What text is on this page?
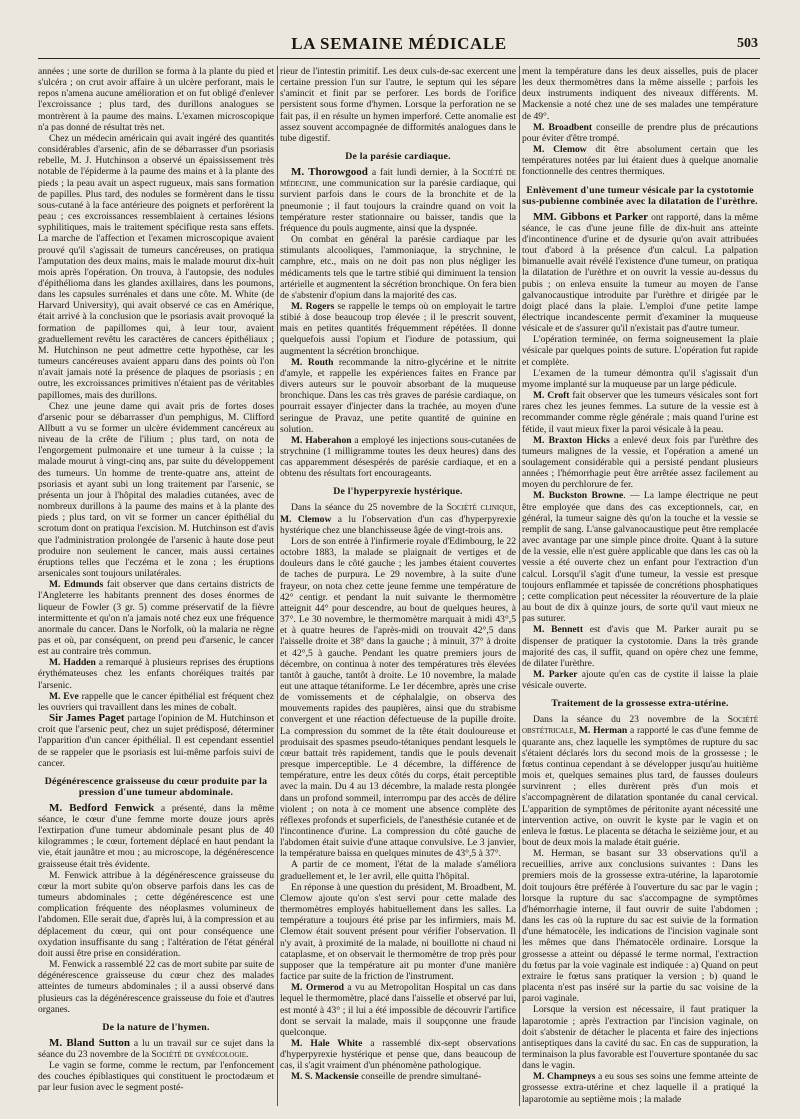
LA SEMAINE MÉDICALE	503

années ; une sorte de durillon se forma à la plante du pied et s'ulcéra ; on crut avoir affaire à un ulcère perforant, mais le repos n'amena aucune amélioration et on fut obligé d'enlever l'excroissance ; plus tard, des durillons analogues se montrèrent à la paume des mains. L'examen microscopique n'a pas donné de résultat très net.

Chez un médecin américain qui avait ingéré des quantités considérables d'arsenic, afin de se débarrasser d'un psoriasis rebelle, M. J. Hutchinson a observé un épaississement très notable de l'épiderme à la paume des mains et à la plante des pieds ; la peau avait un aspect rugueux, mais sans formation de papilles. Plus tard, des nodules se formèrent dans le tissu sous-cutané à la face antérieure des poignets et perforèrent la peau ; ces excroissances ressemblaient à certaines lésions syphilitiques, mais le traitement spécifique resta sans effets. La marche de l'affection et l'examen microscopique avaient prouvé qu'il s'agissait de tumeurs cancéreuses, on pratiqua l'amputation des deux mains, mais le malade mourut dix-huit mois après l'opération. On trouva, à l'autopsie, des nodules d'épithélioma dans les glandes axillaires, dans les poumons, dans les capsules surrénales et dans une côte. M. White (de Harvard University), qui avait observé ce cas en Amérique, était arrivé à la conclusion que le psoriasis avait provoqué la formation de papillomes qui, à leur tour, avaient graduellement revêtu les caractères de cancers épithéliaux ; M. Hutchinson ne peut admettre cette hypothèse, car les tumeurs cancéreuses avaient apparu dans des points où l'on n'avait jamais noté la présence de plaques de psoriasis ; en outre, les excroissances primitives n'étaient pas de véritables papillomes, mais des durillons.

Chez une jeune dame qui avait pris de fortes doses d'arsenic pour se débarrasser d'un pemphigus, M. Clifford Allbutt a vu se former un ulcère évidemment cancéreux au niveau de la crête de l'ilium ; plus tard, on nota de l'engorgement pulmonaire et une tumeur à la cuisse ; la malade mourut à vingt-cinq ans, par suite du développement des tumeurs. Un homme de trente-quatre ans, atteint de psoriasis et ayant subi un long traitement par l'arsenic, se présenta un jour à l'hôpital des maladies cutanées, avec de nombreux durillons à la paume des mains et à la plante des pieds ; plus tard, on vit se former un cancer épithélial du scrotum dont on pratiqua l'excision. M. Hutchinson est d'avis que l'administration prolongée de l'arsenic à haute dose peut produire non seulement le cancer, mais aussi certaines éruptions telles que l'eczéma et le zona ; les éruptions arsenicales sont toujours unilatérales.

M. Edmunds fait observer que dans certains districts de l'Angleterre les habitants prennent des doses énormes de liqueur de Fowler (3 gr. 5) comme préservatif de la fièvre intermittente et qu'on n'a jamais noté chez eux une fréquence anormale du cancer. Dans le Norfolk, où la malaria ne règne pas et où, par conséquent, on prend peu d'arsenic, le cancer est au contraire très commun.

M. Hadden a remarqué à plusieurs reprises des éruptions érythémateuses chez les enfants choréiques traités par l'arsenic.

M. Eve rappelle que le cancer épithélial est fréquent chez les ouvriers qui travaillent dans les mines de cobalt.

Sir James Paget partage l'opinion de M. Hutchinson et croit que l'arsenic peut, chez un sujet prédisposé, déterminer l'apparition d'un cancer épithélial. Il est cependant essentiel de se rappeler que le psoriasis est lui-même parfois suivi de cancer.

Dégénérescence graisseuse du cœur produite par la pression d'une tumeur abdominale.

M. Bedford Fenwick a présenté, dans la même séance, le cœur d'une femme morte douze jours après l'extirpation d'une tumeur abdominale pesant plus de 40 kilogrammes ; le cœur, fortement déplacé en haut pendant la vie, était jaunâtre et mou ; au microscope, la dégénérescence graisseuse était très évidente.

M. Fenwick attribue à la dégénérescence graisseuse du cœur la mort subite qu'on observe parfois dans les cas de tumeurs abdominales ; cette dégénérescence est une complication fréquente des néoplasmes volumineux de l'abdomen. Elle serait due, d'après lui, à la compression et au déplacement du cœur, qui ont pour conséquence une oxydation insuffisante du sang ; l'altération de l'état général doit aussi être prise en considération.

M. Fenwick a rassemblé 22 cas de mort subite par suite de dégénérescence graisseuse du cœur chez des malades atteintes de tumeurs abdominales ; il a aussi observé dans plusieurs cas la dégénérescence graisseuse du foie et d'autres organes.

De la nature de l'hymen.

M. Bland Sutton a lu un travail sur ce sujet dans la séance du 23 novembre de la Société de gynécologie.

Le vagin se forme, comme le rectum, par l'enfoncement des couches épiblastiques qui constituent le proctodæum et par leur fusion avec le segment posté-

rieur de l'intestin primitif. Les deux culs-de-sac exercent une certaine pression l'un sur l'autre, le septum qui les sépare s'amincit et finit par se perforer. Les bords de l'orifice persistent sous forme d'hymen. Lorsque la perforation ne se fait pas, il en résulte un hymen imperforé. Cette anomalie est assez souvent accompagnée de difformités analogues dans le tube digestif.

De la parésie cardiaque.

M. Thorowgood a fait lundi dernier, à la Société de médecine, une communication sur la parésie cardiaque, qui survient parfois dans le cours de la bronchite et de la pneumonie ; il faut toujours la craindre quand on voit la température rester stationnaire ou baisser, tandis que la fréquence du pouls augmente, ainsi que la dyspnée.

On combat en général la parésie cardiaque par les stimulants alcooliques, l'ammoniaque, la strychnine, le camphre, etc., mais on ne doit pas non plus négliger les médicaments tels que le tartre stibié qui diminuent la tension artérielle et augmentent la sécrétion bronchique. On fera bien de s'abstenir d'opium dans la majorité des cas.

M. Rogers se rappelle le temps où on employait le tartre stibié à dose beaucoup trop élevée ; il le prescrit souvent, mais en petites quantités fréquemment répétées. Il donne quelquefois aussi l'opium et l'iodure de potassium, qui augmentent la sécrétion bronchique.

M. Routh recommande la nitro-glycérine et le nitrite d'amyle, et rappelle les expériences faites en France par divers auteurs sur le pouvoir absorbant de la muqueuse bronchique. Dans les cas très graves de parésie cardiaque, on pourrait essayer d'injecter dans la trachée, au moyen d'une seringue de Pravaz, une petite quantité de quinine en solution.

M. Haberahon a employé les injections sous-cutanées de strychnine (1 milligramme toutes les deux heures) dans des cas apparemment désespérés de parésie cardiaque, et en a obtenu des résultats fort encourageants.

De l'hyperpyrexie hystérique.

Dans la séance du 25 novembre de la Société clinique, M. Clemow a lu l'observation d'un cas d'hyperpyrexie hystérique chez une blanchisseuse âgée de vingt-trois ans.

Lors de son entrée à l'infirmerie royale d'Edimbourg, le 22 octobre 1883, la malade se plaignait de vertiges et de douleurs dans le côté gauche ; les jambes étaient couvertes de taches de purpura. Le 29 novembre, à la suite d'une frayeur, on nota chez cette jeune femme une température de 42° centigr. et pendant la nuit suivante le thermomètre atteignit 44° pour descendre, au bout de quelques heures, à 37°. Le 30 novembre, le thermomètre marquait à midi 43°,5 et à quatre heures de l'après-midi on trouvait 42°,5 dans l'aisselle droite et 38° dans la gauche ; à minuit, 37° à droite et 42°,5 à gauche. Pendant les quatre premiers jours de décembre, on continua à noter des températures très élevées tantôt à gauche, tantôt à droite. Le 10 novembre, la malade eut une attaque tétaniforme. Le 1er décembre, après une crise de vomissements et de céphalalgie, on observa des mouvements rapides des paupières, ainsi que du strabisme convergent et une réaction défectueuse de la pupille droite. La compression du sommet de la tête était douloureuse et produisait des spasmes pseudo-tétaniques pendant lesquels le cœur battait très rapidement, tandis que le pouls devenait presque imperceptible. Le 4 décembre, la différence de température, entre les deux côtés du corps, était perceptible avec la main. Du 4 au 13 décembre, la malade resta plongée dans un profond sommeil, interrompu par des accès de délire violent ; on nota à ce moment une absence complète des réflexes profonds et superficiels, de l'anesthésie cutanée et de l'incontinence d'urine. La compression du côté gauche de l'abdomen était suivie d'une attaque convulsive. Le 3 janvier, la température baissa en quelques minutes de 43°,5 à 37°.

A partir de ce moment, l'état de la malade s'améliora graduellement et, le 1er avril, elle quitta l'hôpital.

En réponse à une question du président, M. Broadbent, M. Clemow ajoute qu'on s'est servi pour cette malade des thermomètres employés habituellement dans les salles. La température a toujours été prise par les infirmiers, mais M. Clemow était souvent présent pour vérifier l'observation. Il n'y avait, à proximité de la malade, ni bouillotte ni chaud ni cataplasme, et on observait le thermomètre de trop près pour supposer que la température ait pu monter d'une manière factice par suite de la friction de l'instrument.

M. Ormerod a vu au Metropolitan Hospital un cas dans lequel le thermomètre, placé dans l'aisselle et observé par lui, est monté à 43° ; il lui a été impossible de découvrir l'artifice dont se servait la malade, mais il soupçonne une fraude quelconque.

M. Hale White a rassemblé dix-sept observations d'hyperpyrexie hystérique et pense que, dans beaucoup de cas, il s'agit vraiment d'un phénomène pathologique.

M. S. Mackensie conseille de prendre simultané-

ment la température dans les deux aisselles, puis de placer les deux thermomètres dans la même aisselle ; parfois les deux instruments indiquent des niveaux différents. M. Mackensie a noté chez une de ses malades une température de 49°.

M. Broadbent conseille de prendre plus de précautions pour éviter d'être trompé.

M. Clemow dit être absolument certain que les températures notées par lui étaient dues à quelque anomalie fonctionnelle des centres thermiques.

Enlèvement d'une tumeur vésicale par la cystotomie sus-pubienne combinée avec la dilatation de l'urèthre.

MM. Gibbons et Parker ont rapporté, dans la même séance, le cas d'une jeune fille de dix-huit ans atteinte d'incontinence d'urine et de dysurie qu'on avait attribuées tout d'abord à la présence d'un calcul. La palpation bimanuelle avait révélé l'existence d'une tumeur, on pratiqua la dilatation de l'urèthre et on ouvrit la vessie au-dessus du pubis ; on enleva ensuite la tumeur au moyen de l'anse galvanocaustique introduite par l'urèthre et dirigée par le doigt placé dans la plaie. L'emploi d'une petite lampe électrique incandescente permit d'examiner la muqueuse vésicale et de s'assurer qu'il n'existait pas d'autre tumeur.

L'opération terminée, on ferma soigneusement la plaie vésicale par quelques points de suture. L'opération fut rapide et complète.

L'examen de la tumeur démontra qu'il s'agissait d'un myome implanté sur la muqueuse par un large pédicule.

M. Croft fait observer que les tumeurs vésicales sont fort rares chez les jeunes femmes. La suture de la vessie est à recommander comme règle générale ; mais quand l'urine est fétide, il vaut mieux fixer la paroi vésicale à la peau.

M. Braxton Hicks a enlevé deux fois par l'urèthre des tumeurs malignes de la vessie, et l'opération a amené un soulagement considérable qui a persisté pendant plusieurs années ; l'hémorrhagie peut être arrêtée assez facilement au moyen du perchlorure de fer.

M. Buckston Browne. — La lampe électrique ne peut être employée que dans des cas exceptionnels, car, en général, la tumeur saigne dès qu'on la touche et la vessie se remplit de sang. L'anse galvanocaustique peut être remplacée avec avantage par une simple pince droite. Quant à la suture de la vessie, elle n'est guère applicable que dans les cas où la vessie a été ouverte chez un enfant pour l'extraction d'un calcul. Lorsqu'il s'agit d'une tumeur, la vessie est presque toujours enflammée et tapissée de concrétions phosphatiques ; cette complication peut nécessiter la réouverture de la plaie au bout de dix à quinze jours, de sorte qu'il vaut mieux ne pas suturer.

M. Bennett est d'avis que M. Parker aurait pu se dispenser de pratiquer la cystotomie. Dans la très grande majorité des cas, il suffit, quand on opère chez une femme, de dilater l'urèthre.

M. Parker ajoute qu'en cas de cystite il laisse la plaie vésicale ouverte.

Traitement de la grossesse extra-utérine.

Dans la séance du 23 novembre de la Société obstétricale, M. Herman a rapporté le cas d'une femme de quarante ans, chez laquelle les symptômes de rupture du sac s'étaient déclarés lors du second mois de la grossesse ; le fœtus continua cependant à se développer jusqu'au huitième mois et, quelques semaines plus tard, de fausses douleurs survinrent ; elles durèrent près d'un mois et s'accompagnèrent de dilatation spontanée du canal cervical. L'apparition de symptômes de péritonite ayant nécessité une intervention active, on ouvrit le kyste par le vagin et on enleva le fœtus. Le placenta se détacha le seizième jour, et au bout de deux mois la malade était guérie.

M. Herman, se basant sur 33 observations qu'il a recueillies, arrive aux conclusions suivantes : Dans les premiers mois de la grossesse extra-utérine, la laparotomie doit toujours être préférée à l'ouverture du sac par le vagin ; lorsque la rupture du sac s'accompagne de symptômes d'hémorrhagie interne, il faut ouvrir de suite l'abdomen ; dans les cas où la rupture du sac est suivie de la formation d'une hématocèle, les indications de l'incision vaginale sont les mêmes que dans l'hématocèle ordinaire. Lorsque la grossesse a atteint ou dépassé le terme normal, l'extraction du fœtus par la voie vaginale est indiquée : a) Quand on peut extraire le fœtus sans pratiquer la version ; b) quand le placenta n'est pas inséré sur la partie du sac voisine de la paroi vaginale.

Lorsque la version est nécessaire, il faut pratiquer la laparotomie ; après l'extraction par l'incision vaginale, on doit s'abstenir de détacher le placenta et faire des injections antiseptiques dans la cavité du sac. En cas de suppuration, la terminaison la plus favorable est l'ouverture spontanée du sac dans le vagin.

M. Champneys a eu sous ses soins une femme atteinte de grossesse extra-utérine et chez laquelle il a pratiqué la laparotomie au septième mois ; la malade
